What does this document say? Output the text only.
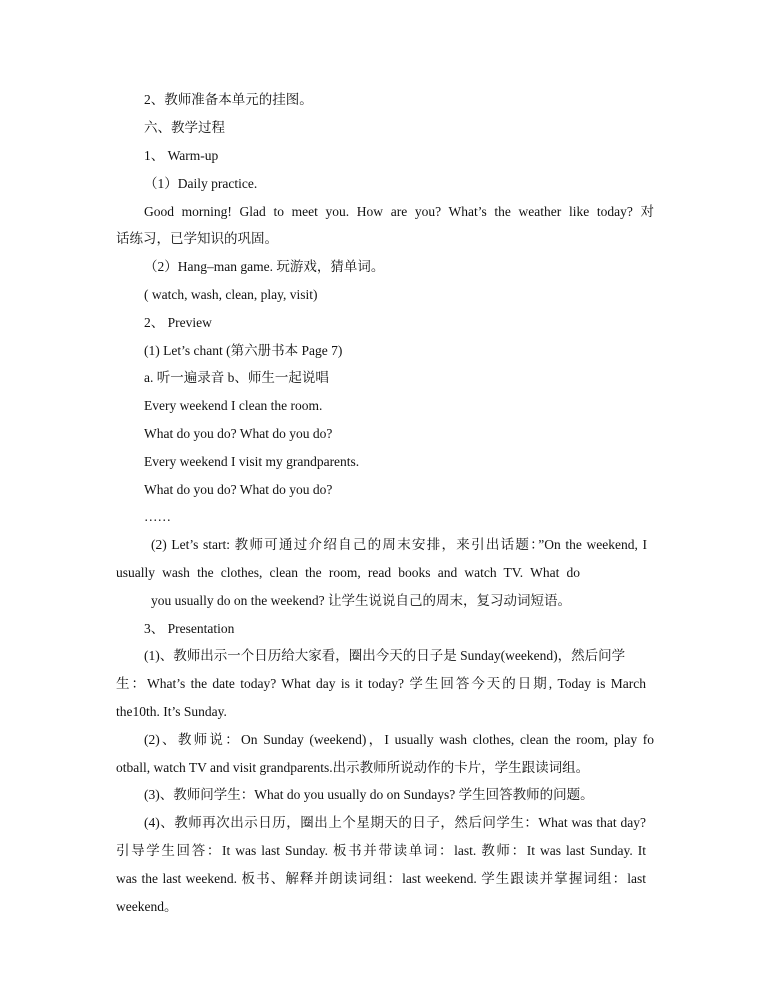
2、教师准备本单元的挂图。
六、教学过程
1、 Warm-up
（1）Daily practice.
Good morning! Glad to meet you. How are you? What’s the weather like today? 对
话练习，已学知识的巩固。
（2）Hang–man game. 玩游戏，猜单词。
( watch, wash, clean, play, visit)
2、 Preview
(1) Let’s chant (第六册书本 Page 7)
a. 听一遍录音 b、师生一起说唱
Every weekend I clean the room.
What do you do? What do you do?
Every weekend I visit my grandparents.
What do you do? What do you do?
……
(2) Let’s start: 教师可通过介绍自己的周末安排，来引出话题：”On the weekend, I
usually wash the clothes, clean the room, read books and watch TV. What do
you usually do on the weekend? 让学生说说自己的周末，复习动词短语。
3、 Presentation
(1)、教师出示一个日历给大家看，圈出今天的日子是 Sunday(weekend)，然后问学
生：What’s the date today? What day is it today? 学生回答今天的日期, Today is March
the10th. It’s Sunday.
(2)、教师说：On Sunday (weekend)，I usually wash clothes, clean the room, play fo
otball, watch TV and visit grandparents.出示教师所说动作的卡片，学生跟读词组。
(3)、教师问学生：What do you usually do on Sundays? 学生回答教师的问题。
(4)、教师再次出示日历，圈出上个星期天的日子，然后问学生：What was that day?
引导学生回答：It was last Sunday. 板书并带读单词：last. 教师：It was last Sunday. It
was the last weekend. 板书、解释并朗读词组：last weekend. 学生跟读并掌握词组：last
weekend。
